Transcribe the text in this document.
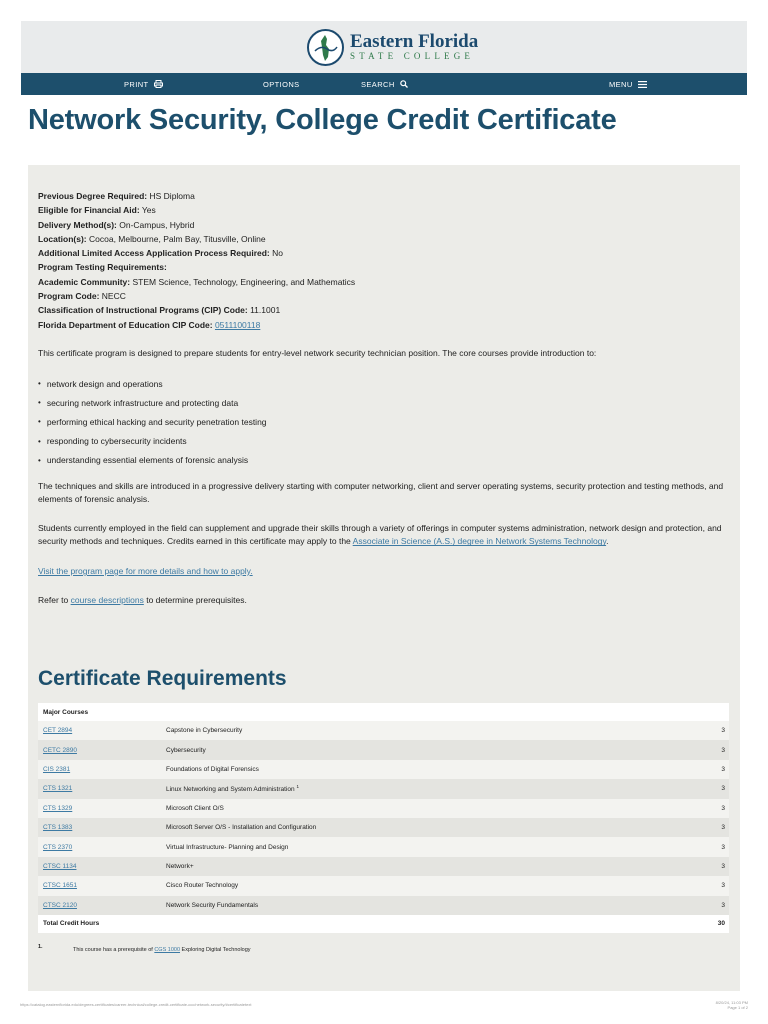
Eastern Florida
STATE COLLEGE
PRINT	OPTIONS	SEARCH	MENU
Network Security, College Credit Certificate
Previous Degree Required: HS Diploma
Eligible for Financial Aid: Yes
Delivery Method(s): On-Campus, Hybrid
Location(s): Cocoa, Melbourne, Palm Bay, Titusville, Online
Additional Limited Access Application Process Required: No
Program Testing Requirements:
Academic Community: STEM Science, Technology, Engineering, and Mathematics
Program Code: NECC
Classification of Instructional Programs (CIP) Code: 11.1001
Florida Department of Education CIP Code: 0511100118

This certificate program is designed to prepare students for entry-level network security technician position. The core courses provide introduction to:

• network design and operations
• securing network infrastructure and protecting data
• performing ethical hacking and security penetration testing
• responding to cybersecurity incidents
• understanding essential elements of forensic analysis

The techniques and skills are introduced in a progressive delivery starting with computer networking, client and server operating systems, security protection and testing methods, and elements of forensic analysis.

Students currently employed in the field can supplement and upgrade their skills through a variety of offerings in computer systems administration, network design and protection, and security methods and techniques. Credits earned in this certificate may apply to the Associate in Science (A.S.) degree in Network Systems Technology.

Visit the program page for more details and how to apply.

Refer to course descriptions to determine prerequisites.

Certificate Requirements
Major Courses
CET 2894	Capstone in Cybersecurity	3
CETC 2890	Cybersecurity	3
CIS 2381	Foundations of Digital Forensics	3
CTS 1321	Linux Networking and System Administration $^1$	3
CTS 1329	Microsoft Client O/S	3
CTS 1383	Microsoft Server O/S - Installation and Configuration	3
CTS 2370	Virtual Infrastructure- Planning and Design	3
CTSC 1134	Network+	3
CTSC 1651	Cisco Router Technology	3
CTSC 2120	Network Security Fundamentals	3
Total Credit Hours	30
1.	This course has a prerequisite of CGS 1000 Exploring Digital Technology
https://catalog.easternflorida.edu/degrees-certificates/career-technical/college-credit-certificate-ccc/network-security/#certificatetext	8/20/24, 11:03 PM
Page 1 of 2
